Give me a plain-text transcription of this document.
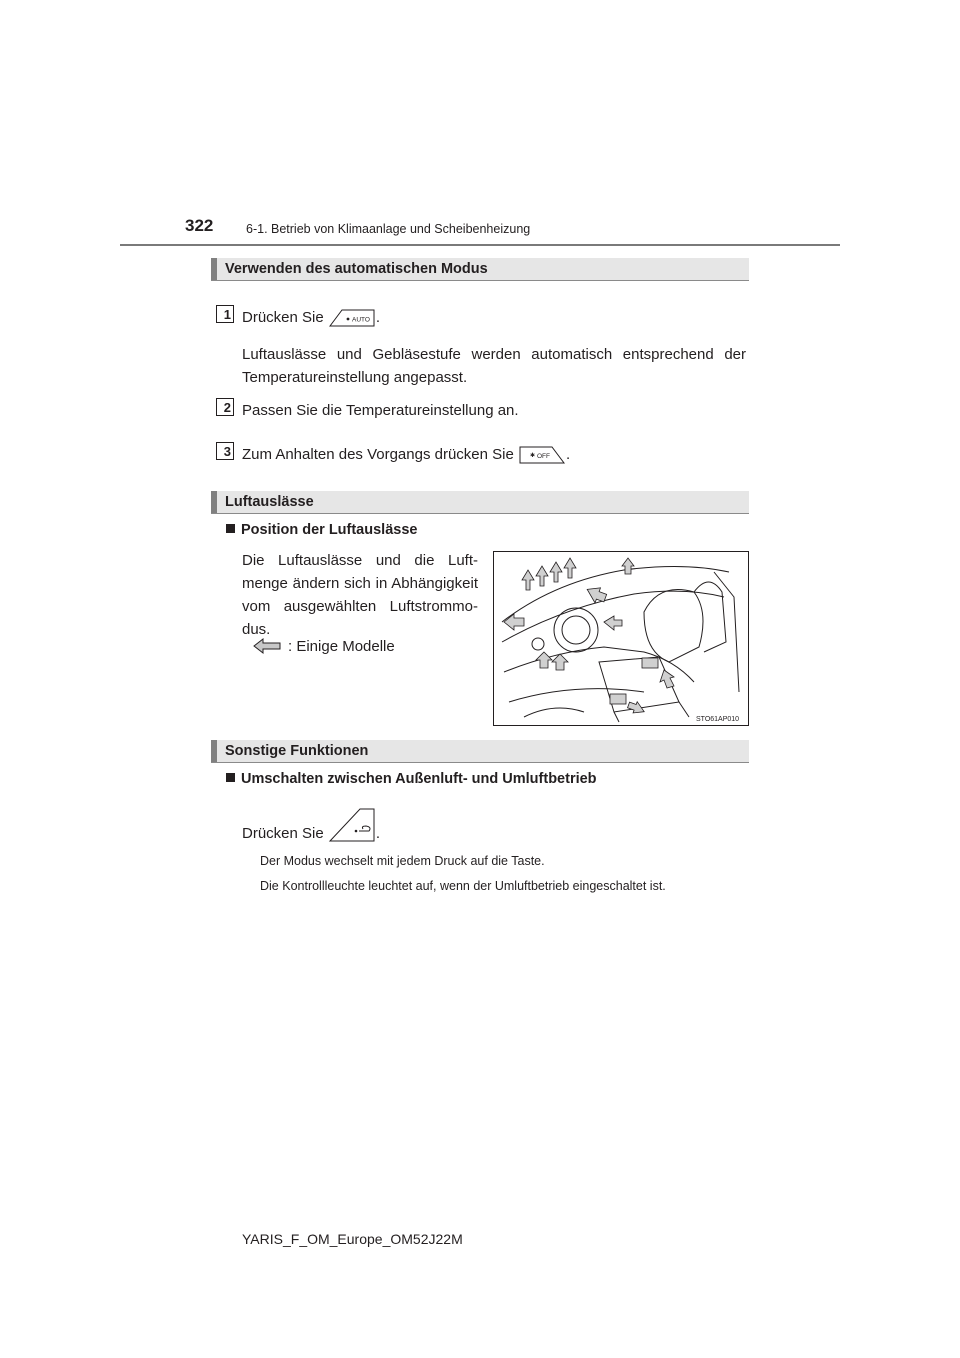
322	6-1. Betrieb von Klimaanlage und Scheibenheizung
Verwenden des automatischen Modus
1 Drücken Sie	AUTO .
Luftauslässe und Gebläsestufe werden automatisch entsprechend der Temperatureinstellung angepasst.
2 Passen Sie die Temperatureinstellung an.
3 Zum Anhalten des Vorgangs drücken Sie	✱ OFF .
Luftauslässe
Position der Luftauslässe
Die Luftauslässe und die Luft-
menge ändern sich in Abhängigkeit
vom ausgewählten Luftstrommo-
dus.
: Einige Modelle
STO61AP010
Sonstige Funktionen
Umschalten zwischen Außenluft- und Umluftbetrieb
Drücken Sie	.
Der Modus wechselt mit jedem Druck auf die Taste.
Die Kontrollleuchte leuchtet auf, wenn der Umluftbetrieb eingeschaltet ist.
YARIS_F_OM_Europe_OM52J22M
